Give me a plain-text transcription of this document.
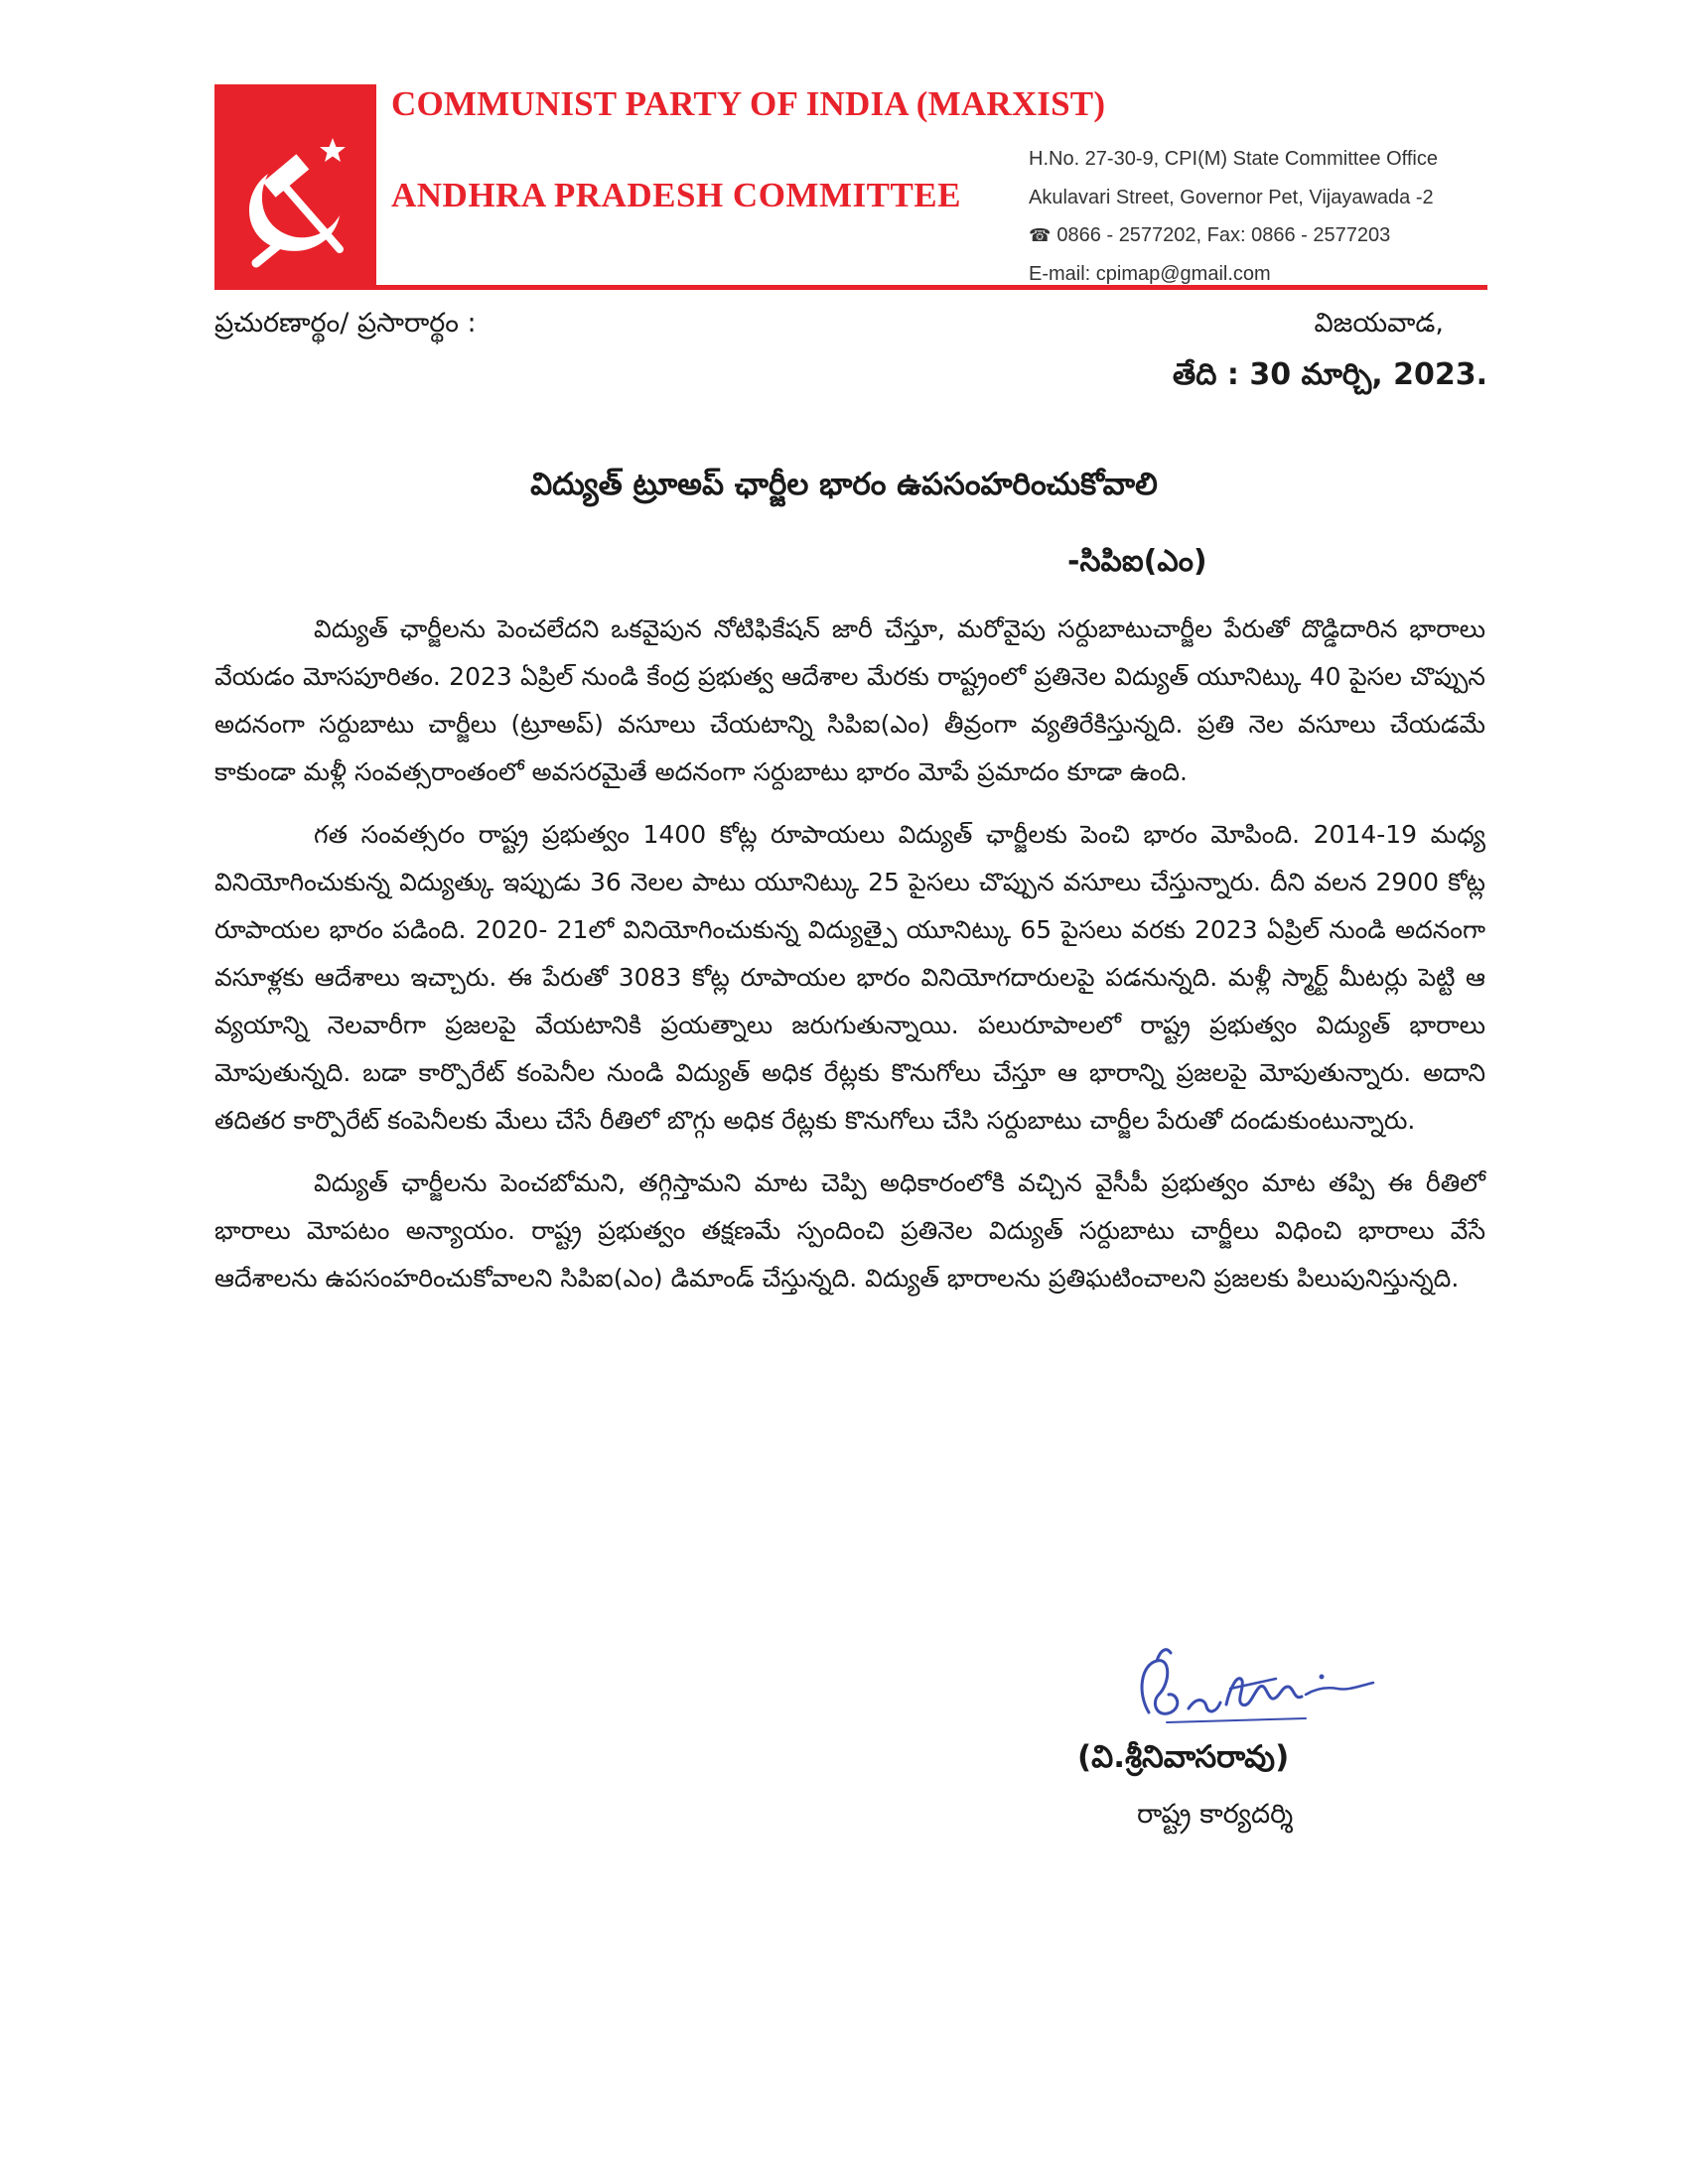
COMMUNIST PARTY OF INDIA (MARXIST)
ANDHRA PRADESH COMMITTEE
H.No. 27-30-9, CPI(M) State Committee Office
Akulavari Street, Governor Pet, Vijayawada -2
☎ 0866 - 2577202, Fax: 0866 - 2577203
E-mail: cpimap@gmail.com
ప్రచురణార్థం/ ప్రసారార్థం :	విజయవాడ,
తేది : 30 మార్చి, 2023.
విద్యుత్ ట్రూఅప్ ఛార్జీల భారం ఉపసంహరించుకోవాలి
-సిపిఐ(ఎం)

విద్యుత్ ఛార్జీలను పెంచలేదని ఒకవైపున నోటిఫికేషన్ జారీ చేస్తూ, మరోవైపు సర్దుబాటుచార్జీల పేరుతో దొడ్డిదారిన భారాలు వేయడం మోసపూరితం. 2023 ఏప్రిల్ నుండి కేంద్ర ప్రభుత్వ ఆదేశాల మేరకు రాష్ట్రంలో ప్రతినెల విద్యుత్ యూనిట్కు 40 పైసల చొప్పున అదనంగా సర్దుబాటు చార్జీలు (ట్రూఅప్) వసూలు చేయటాన్ని సిపిఐ(ఎం) తీవ్రంగా వ్యతిరేకిస్తున్నది. ప్రతి నెల వసూలు చేయడమే కాకుండా మళ్లీ సంవత్సరాంతంలో అవసరమైతే అదనంగా సర్దుబాటు భారం మోపే ప్రమాదం కూడా ఉంది.

గత సంవత్సరం రాష్ట్ర ప్రభుత్వం 1400 కోట్ల రూపాయలు విద్యుత్ ఛార్జీలకు పెంచి భారం మోపింది. 2014-19 మధ్య వినియోగించుకున్న విద్యుత్కు ఇప్పుడు 36 నెలల పాటు యూనిట్కు 25 పైసలు చొప్పున వసూలు చేస్తున్నారు. దీని వలన 2900 కోట్ల రూపాయల భారం పడింది. 2020- 21లో వినియోగించుకున్న విద్యుత్పై యూనిట్కు 65 పైసలు వరకు 2023 ఏప్రిల్ నుండి అదనంగా వసూళ్లకు ఆదేశాలు ఇచ్చారు. ఈ పేరుతో 3083 కోట్ల రూపాయల భారం వినియోగదారులపై పడనున్నది. మళ్లీ స్మార్ట్ మీటర్లు పెట్టి ఆ వ్యయాన్ని నెలవారీగా ప్రజలపై వేయటానికి ప్రయత్నాలు జరుగుతున్నాయి. పలురూపాలలో రాష్ట్ర ప్రభుత్వం విద్యుత్ భారాలు మోపుతున్నది. బడా కార్పొరేట్ కంపెనీల నుండి విద్యుత్ అధిక రేట్లకు కొనుగోలు చేస్తూ ఆ భారాన్ని ప్రజలపై మోపుతున్నారు. అదాని తదితర కార్పొరేట్ కంపెనీలకు మేలు చేసే రీతిలో బొగ్గు అధిక రేట్లకు కొనుగోలు చేసి సర్దుబాటు చార్జీల పేరుతో దండుకుంటున్నారు.

విద్యుత్ ఛార్జీలను పెంచబోమని, తగ్గిస్తామని మాట చెప్పి అధికారంలోకి వచ్చిన వైసీపీ ప్రభుత్వం మాట తప్పి ఈ రీతిలో భారాలు మోపటం అన్యాయం. రాష్ట్ర ప్రభుత్వం తక్షణమే స్పందించి ప్రతినెల విద్యుత్ సర్దుబాటు చార్జీలు విధించి భారాలు వేసే ఆదేశాలను ఉపసంహరించుకోవాలని సిపిఐ(ఎం) డిమాండ్ చేస్తున్నది. విద్యుత్ భారాలను ప్రతిఘటించాలని ప్రజలకు పిలుపునిస్తున్నది.

(వి.శ్రీనివాసరావు)
రాష్ట్ర కార్యదర్శి
